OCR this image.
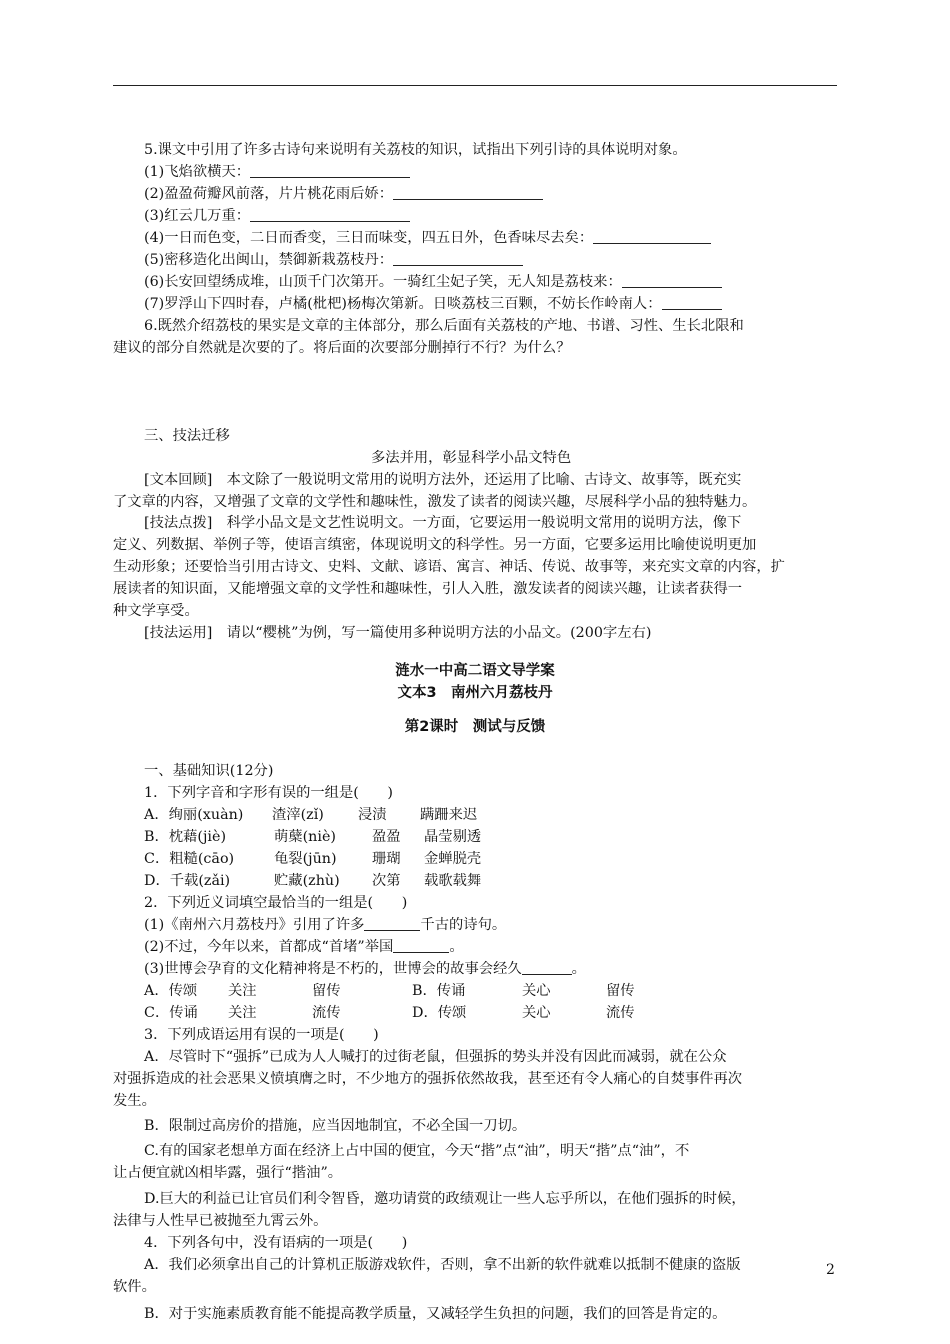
5.课文中引用了许多古诗句来说明有关荔枝的知识，试指出下列引诗的具体说明对象。
(1)飞焰欲横天：
(2)盈盈荷瓣风前落，片片桃花雨后娇：
(3)红云几万重：
(4)一日而色变，二日而香变，三日而味变，四五日外，色香味尽去矣：
(5)密移造化出闽山，禁御新栽荔枝丹：
(6)长安回望绣成堆，山顶千门次第开。一骑红尘妃子笑，无人知是荔枝来：
(7)罗浮山下四时春，卢橘(枇杷)杨梅次第新。日啖荔枝三百颗，不妨长作岭南人：
6.既然介绍荔枝的果实是文章的主体部分，那么后面有关荔枝的产地、书谱、习性、生长北限和
建议的部分自然就是次要的了。将后面的次要部分删掉行不行？为什么？
三、技法迁移
多法并用，彰显科学小品文特色
[文本回顾]　本文除了一般说明文常用的说明方法外，还运用了比喻、古诗文、故事等，既充实
了文章的内容，又增强了文章的文学性和趣味性，激发了读者的阅读兴趣，尽展科学小品的独特魅力。
[技法点拨]　科学小品文是文艺性说明文。一方面，它要运用一般说明文常用的说明方法，像下
定义、列数据、举例子等，使语言缜密，体现说明文的科学性。另一方面，它要多运用比喻使说明更加
生动形象；还要恰当引用古诗文、史料、文献、谚语、寓言、神话、传说、故事等，来充实文章的内容，扩
展读者的知识面，又能增强文章的文学性和趣味性，引人入胜，激发读者的阅读兴趣，让读者获得一
种文学享受。
[技法运用]　请以“樱桃”为例，写一篇使用多种说明方法的小品文。(200字左右)
涟水一中高二语文导学案
文本3　南州六月荔枝丹
第2课时　测试与反馈
一、基础知识(12分)
1．下列字音和字形有误的一组是(　　)
A．绚丽(xuàn) 渣滓(zǐ) 浸渍 蹒跚来迟
B．枕藉(jiè)	萌蘖(niè)	盈盈 晶莹剔透
C．粗糙(cāo)	龟裂(jūn) 珊瑚 金蝉脱壳
D．千载(zǎi)	贮藏(zhù) 次第 载歌载舞
2．下列近义词填空最恰当的一组是(　　)
(1)《南州六月荔枝丹》引用了许多	千古的诗句。
(2)不过，今年以来，首都成“首堵”举国	。
(3)世博会孕育的文化精神将是不朽的，世博会的故事会经久	。
A．传颂 关注	留传	B．传诵	关心	留传
C．传诵 关注	流传	D．传颂	关心	流传
3．下列成语运用有误的一项是(　　)
A．尽管时下“强拆”已成为人人喊打的过街老鼠，但强拆的势头并没有因此而减弱，就在公众
对强拆造成的社会恶果义愤填膺之时，不少地方的强拆依然故我，甚至还有令人痛心的自焚事件再次
发生。
B．限制过高房价的措施，应当因地制宜，不必全国一刀切。
C.有的国家老想单方面在经济上占中国的便宜，今天“揩”点“油”，明天“揩”点“油”，不
让占便宜就凶相毕露，强行“揩油”。
D.巨大的利益已让官员们利令智昏，邀功请赏的政绩观让一些人忘乎所以，在他们强拆的时候，
法律与人性早已被抛至九霄云外。
4．下列各句中，没有语病的一项是(　　)
A．我们必须拿出自己的计算机正版游戏软件，否则，拿不出新的软件就难以抵制不健康的盗版
软件。
B．对于实施素质教育能不能提高教学质量，又减轻学生负担的问题，我们的回答是肯定的。
2
